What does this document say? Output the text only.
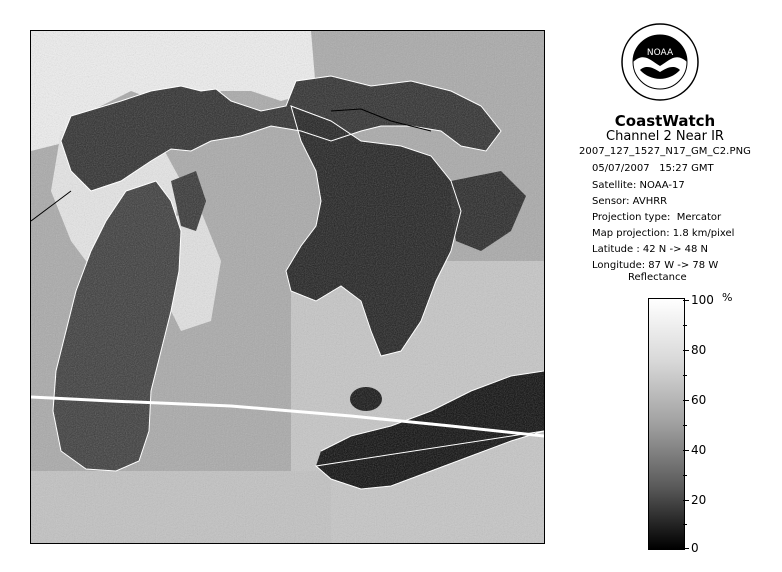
NOAA
CoastWatch
Channel 2 Near IR
2007_127_1527_N17_GM_C2.PNG
05/07/2007 15:27 GMT
Satellite: NOAA-17
Sensor: AVHRR
Projection type: Mercator
Map projection: 1.8 km/pixel
Latitude : 42 N -> 48 N
Longitude: 87 W -> 78 W
Reflectance
%
100
80
60
40
20
0
